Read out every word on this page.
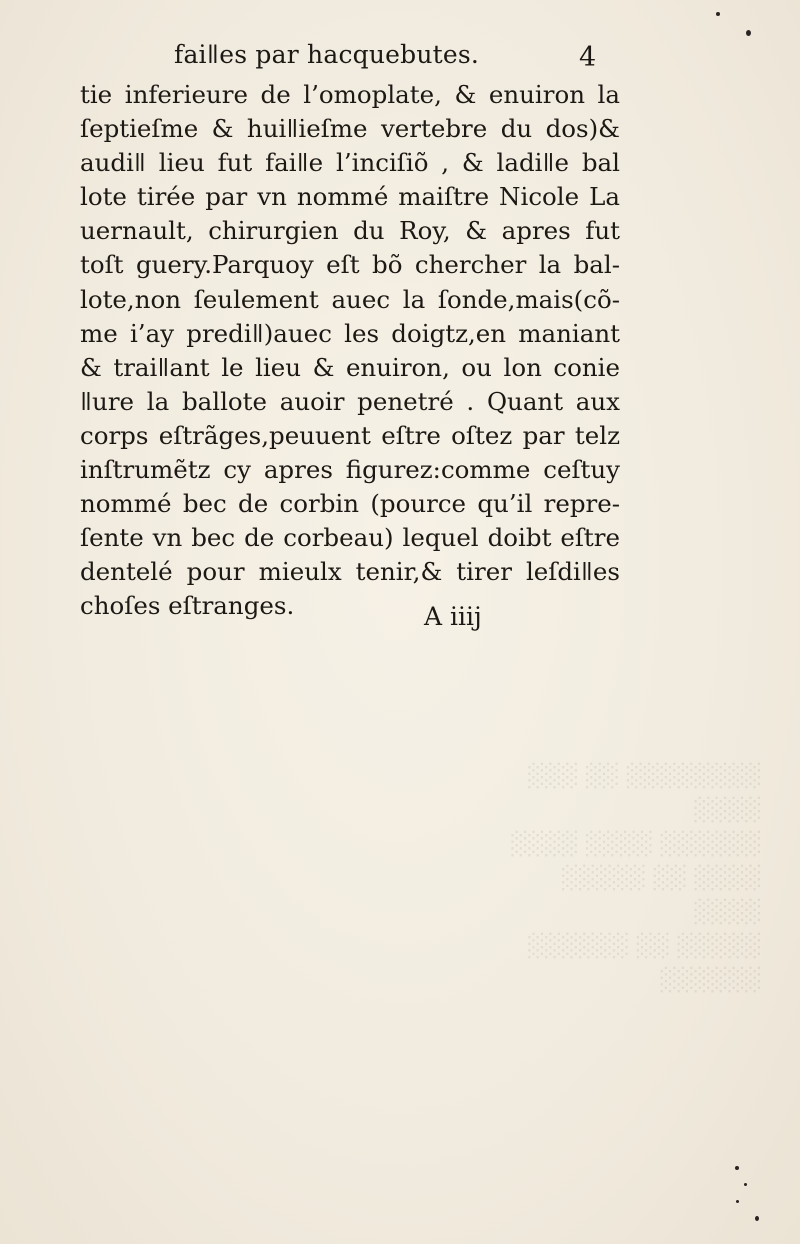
░░░░░░░░ ░░ ░░░ ░░░░
░░░░░░ ░░░░ ░░░░
░░░░ ░░ ░░░░░ ░░░░
░░░░░ ░░ ░░░░░░
░░░░░░
faiǁes par hacquebutes.	4
tie inferieure de l’omoplate, & enuiron la
ſeptieſme & huiǁieſme vertebre du dos)&
audiǁ lieu fut faiǁe l’inciſiõ , & ladiǁe bal
lote tirée par vn nommé maiſtre Nicole La
uernault, chirurgien du Roy, & apres fut
toſt guery.Parquoy eſt bõ chercher la bal-
lote,non ſeulement auec la ſonde,mais(cõ-
me i’ay prediǁ)auec les doigtz,en maniant
& traiǁant le lieu & enuiron, ou lon conie
ǁure la ballote auoir penetré . Quant aux
corps eſtrãges,peuuent eſtre oſtez par telz
inſtrumẽtz cy apres figurez:comme ceſtuy
nommé bec de corbin (pource qu’il repre-
ſente vn bec de corbeau) lequel doibt eſtre
dentelé pour mieulx tenir,& tirer leſdiǁes
choſes eſtranges.	A iiij
